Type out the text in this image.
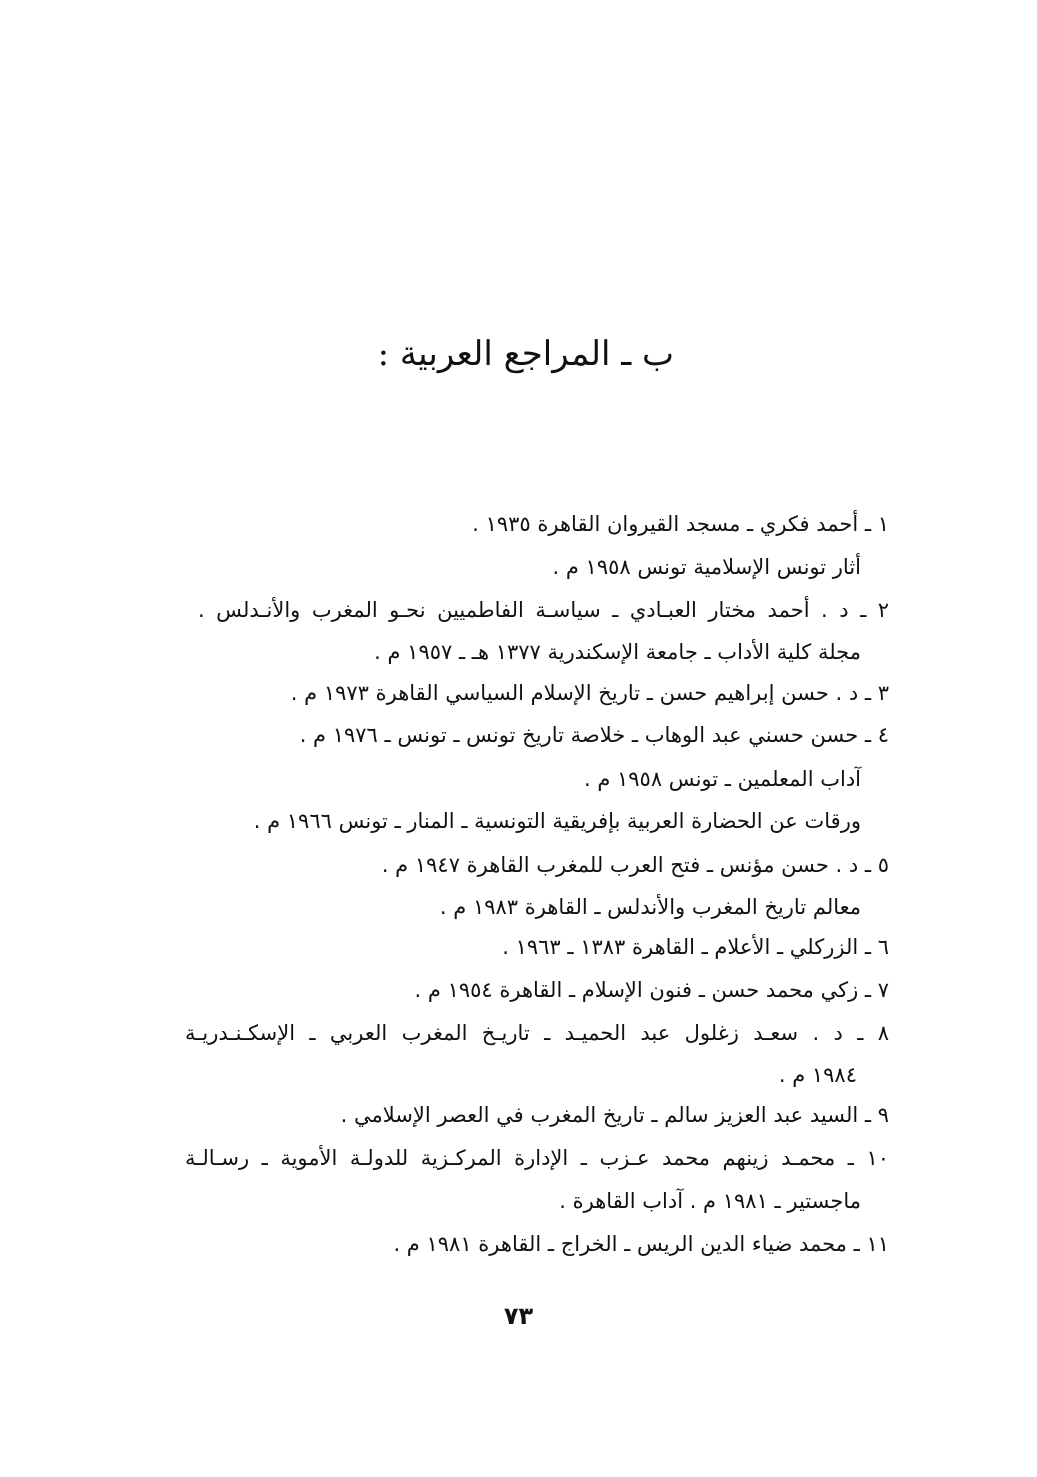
ب ـ المراجع العربية :
١ ـ أحمد فكري ـ مسجد القيروان القاهرة ١٩٣٥ .
أثار تونس الإسلامية تونس ١٩٥٨ م .
٢ ـ د . أحمد مختار العبـادي ـ سياسـة الفاطميين نحـو المغرب والأنـدلس .
مجلة كلية الأداب ـ جامعة الإسكندرية ١٣٧٧ هـ ـ ١٩٥٧ م .
٣ ـ د . حسن إبراهيم حسن ـ تاريخ الإسلام السياسي القاهرة ١٩٧٣ م .
٤ ـ حسن حسني عبد الوهاب ـ خلاصة تاريخ تونس ـ تونس ـ ١٩٧٦ م .
آداب المعلمين ـ تونس ١٩٥٨ م .
ورقات عن الحضارة العربية بإفريقية التونسية ـ المنار ـ تونس ١٩٦٦ م .
٥ ـ د . حسن مؤنس ـ فتح العرب للمغرب القاهرة ١٩٤٧ م .
معالم تاريخ المغرب والأندلس ـ القاهرة ١٩٨٣ م .
٦ ـ الزركلي ـ الأعلام ـ القاهرة ١٣٨٣ ـ ١٩٦٣ .
٧ ـ زكي محمد حسن ـ فنون الإسلام ـ القاهرة ١٩٥٤ م .
٨ ـ د . سعـد زغلول عبد الحميـد ـ تاريـخ المغرب العربي ـ الإسكـنـدريـة
١٩٨٤ م .
٩ ـ السيد عبد العزيز سالم ـ تاريخ المغرب في العصر الإسلامي .
١٠ ـ محمـد زينهم محمد عـزب ـ الإدارة المركـزية للدولـة الأموية ـ رسـالـة
ماجستير ـ ١٩٨١ م . آداب القاهرة .
١١ ـ محمد ضياء الدين الريس ـ الخراج ـ القاهرة ١٩٨١ م .
٧٣
